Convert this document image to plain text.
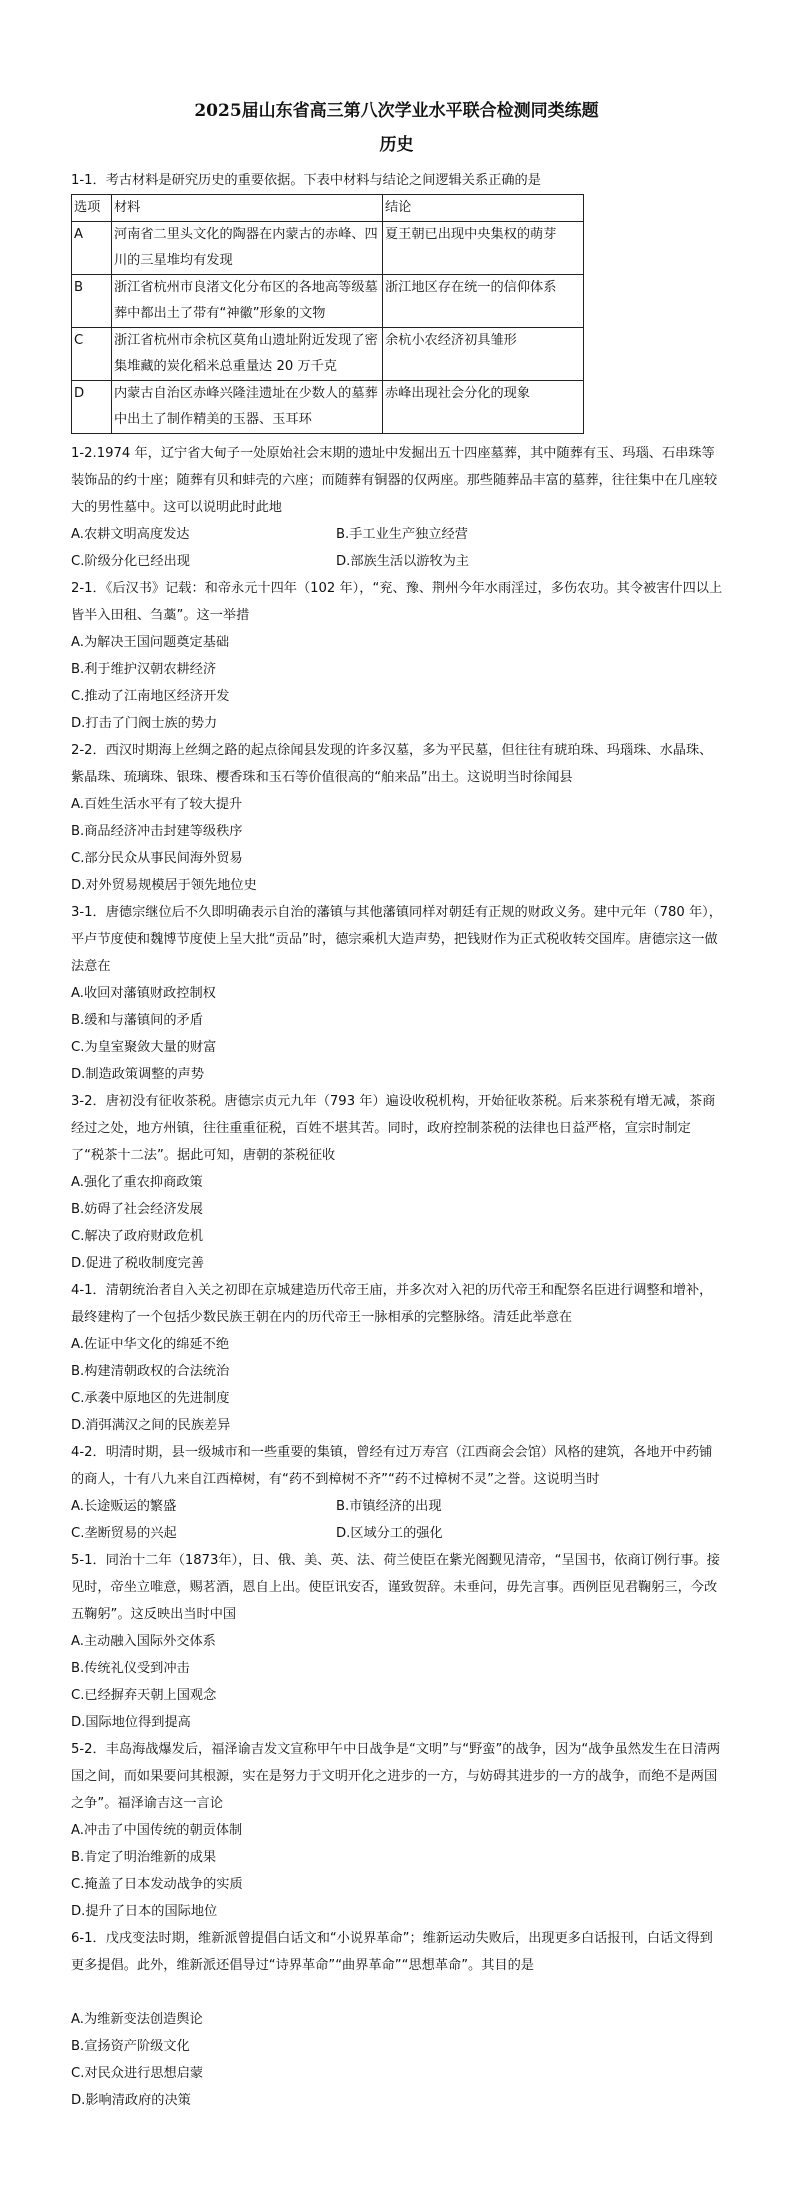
2025届山东省高三第八次学业水平联合检测同类练题
历史

1-1．考古材料是研究历史的重要依据。下表中材料与结论之间逻辑关系正确的是

选项	材料	结论
A	河南省二里头文化的陶器在内蒙古的赤峰、四川的三星堆均有发现	夏王朝已出现中央集权的萌芽
B	浙江省杭州市良渚文化分布区的各地高等级墓葬中都出土了带有“神徽”形象的文物	浙江地区存在统一的信仰体系
C	浙江省杭州市余杭区莫角山遗址附近发现了密集堆藏的炭化稻米总重量达 20 万千克	余杭小农经济初具雏形
D	内蒙古自治区赤峰兴隆洼遗址在少数人的墓葬中出土了制作精美的玉器、玉耳环	赤峰出现社会分化的现象

1-2.1974 年，辽宁省大甸子一处原始社会末期的遗址中发掘出五十四座墓葬，其中随葬有玉、玛瑙、石串珠等装饰品的约十座；随葬有贝和蚌壳的六座；而随葬有铜器的仅两座。那些随葬品丰富的墓葬，往往集中在几座较大的男性墓中。这可以说明此时此地

A.农耕文明高度发达	B.手工业生产独立经营
C.阶级分化已经出现	D.部族生活以游牧为主

2-1．《后汉书》记载：和帝永元十四年（102 年），“兖、豫、荆州今年水雨淫过，多伤农功。其令被害什四以上皆半入田租、刍藁”。这一举措

A.为解决王国问题奠定基础
B.利于维护汉朝农耕经济
C.推动了江南地区经济开发
D.打击了门阀士族的势力

2-2．西汉时期海上丝绸之路的起点徐闻县发现的许多汉墓，多为平民墓，但往往有琥珀珠、玛瑙珠、水晶珠、紫晶珠、琉璃珠、银珠、樱香珠和玉石等价值很高的“舶来品”出土。这说明当时徐闻县

A.百姓生活水平有了较大提升
B.商品经济冲击封建等级秩序
C.部分民众从事民间海外贸易
D.对外贸易规模居于领先地位史

3-1．唐德宗继位后不久即明确表示自治的藩镇与其他藩镇同样对朝廷有正规的财政义务。建中元年（780 年），平卢节度使和魏博节度使上呈大批“贡品”时，德宗乘机大造声势，把钱财作为正式税收转交国库。唐德宗这一做法意在

A.收回对藩镇财政控制权
B.缓和与藩镇间的矛盾
C.为皇室聚敛大量的财富
D.制造政策调整的声势

3-2．唐初没有征收茶税。唐德宗贞元九年（793 年）遍设收税机构，开始征收茶税。后来茶税有增无减，茶商经过之处，地方州镇，往往重重征税，百姓不堪其苦。同时，政府控制茶税的法律也日益严格，宣宗时制定了“税茶十二法”。据此可知，唐朝的茶税征收

A.强化了重农抑商政策
B.妨碍了社会经济发展
C.解决了政府财政危机
D.促进了税收制度完善

4-1．清朝统治者自入关之初即在京城建造历代帝王庙，并多次对入祀的历代帝王和配祭名臣进行调整和增补，最终建构了一个包括少数民族王朝在内的历代帝王一脉相承的完整脉络。清廷此举意在

A.佐证中华文化的绵延不绝
B.构建清朝政权的合法统治
C.承袭中原地区的先进制度
D.消弭满汉之间的民族差异

4-2．明清时期，县一级城市和一些重要的集镇，曾经有过万寿宫（江西商会会馆）风格的建筑，各地开中药铺的商人，十有八九来自江西樟树，有“药不到樟树不齐”“药不过樟树不灵”之誉。这说明当时

A.长途贩运的繁盛	B.市镇经济的出现
C.垄断贸易的兴起	D.区域分工的强化

5-1．同治十二年（1873年），日、俄、美、英、法、荷兰使臣在紫光阁觐见清帝，“呈国书，依商订例行事。接见时，帝坐立唯意，赐茗酒，恩自上出。使臣讯安否，谨致贺辞。未垂问，毋先言事。西例臣见君鞠躬三，今改五鞠躬”。这反映出当时中国

A.主动融入国际外交体系
B.传统礼仪受到冲击
C.已经摒弃天朝上国观念
D.国际地位得到提高

5-2．丰岛海战爆发后，福泽谕吉发文宣称甲午中日战争是“文明”与“野蛮”的战争，因为“战争虽然发生在日清两国之间，而如果要问其根源，实在是努力于文明开化之进步的一方，与妨碍其进步的一方的战争，而绝不是两国之争”。福泽谕吉这一言论

A.冲击了中国传统的朝贡体制
B.肯定了明治维新的成果
C.掩盖了日本发动战争的实质
D.提升了日本的国际地位

6-1．戊戌变法时期，维新派曾提倡白话文和“小说界革命”；维新运动失败后，出现更多白话报刊，白话文得到更多提倡。此外，维新派还倡导过“诗界革命”“曲界革命”“思想革命”。其目的是

A.为维新变法创造舆论
B.宣扬资产阶级文化
C.对民众进行思想启蒙
D.影响清政府的决策
